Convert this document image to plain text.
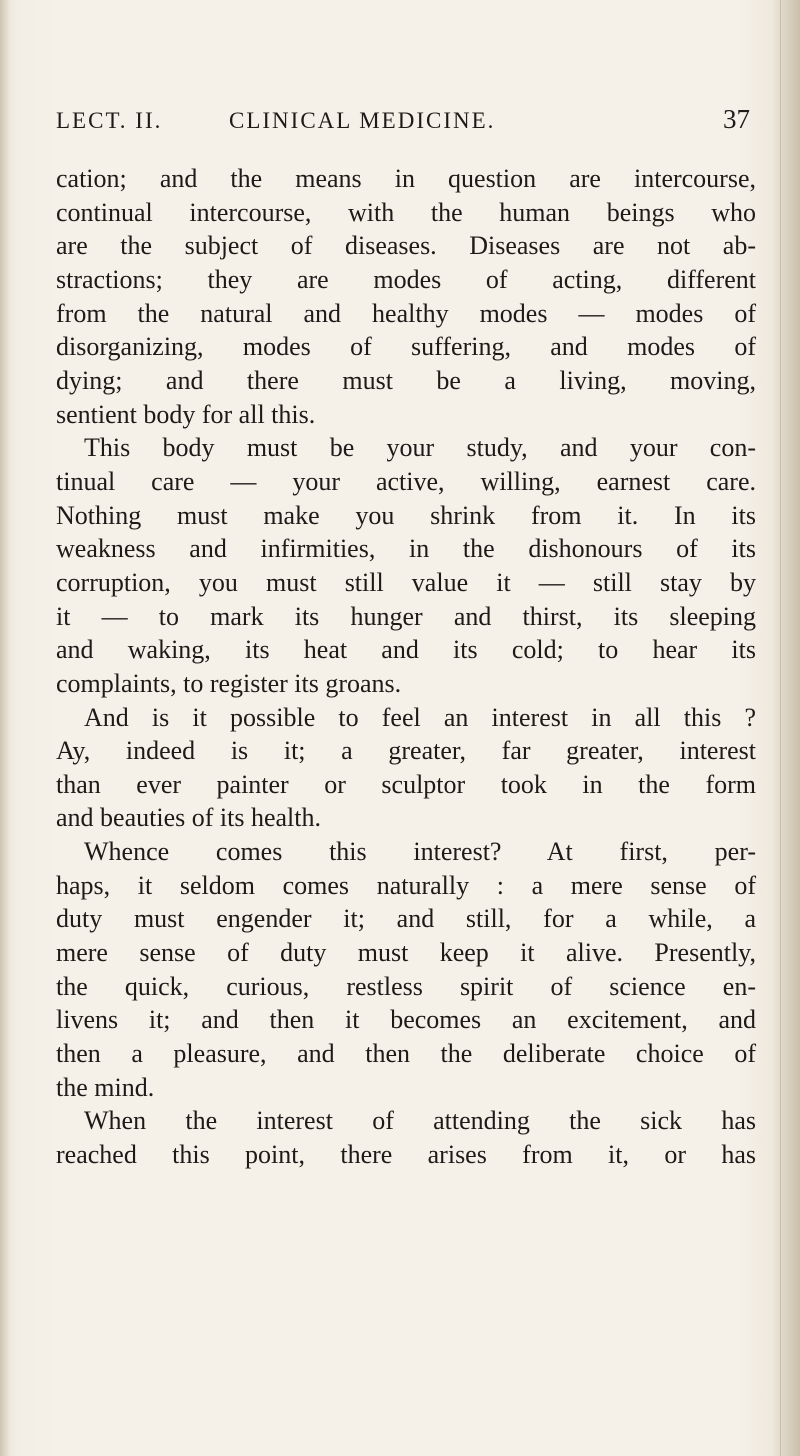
LECT. II.	CLINICAL MEDICINE.	37
cation; and the means in question are intercourse,
continual intercourse, with the human beings who
are the subject of diseases. Diseases are not ab-
stractions; they are modes of acting, different
from the natural and healthy modes — modes of
disorganizing, modes of suffering, and modes of
dying; and there must be a living, moving,
sentient body for all this.
This body must be your study, and your con-
tinual care — your active, willing, earnest care.
Nothing must make you shrink from it. In its
weakness and infirmities, in the dishonours of its
corruption, you must still value it — still stay by
it — to mark its hunger and thirst, its sleeping
and waking, its heat and its cold; to hear its
complaints, to register its groans.
And is it possible to feel an interest in all this ?
Ay, indeed is it; a greater, far greater, interest
than ever painter or sculptor took in the form
and beauties of its health.
Whence comes this interest? At first, per-
haps, it seldom comes naturally : a mere sense of
duty must engender it; and still, for a while, a
mere sense of duty must keep it alive. Presently,
the quick, curious, restless spirit of science en-
livens it; and then it becomes an excitement, and
then a pleasure, and then the deliberate choice of
the mind.
When the interest of attending the sick has
reached this point, there arises from it, or has
